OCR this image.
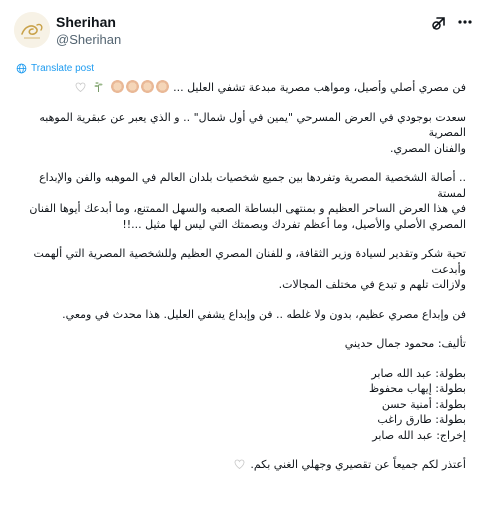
Sherihan
@Sherihan
Translate post
فن مصري أصلي وأصيل، ومواهب مصرية مبدعة تشفي العليل ...

سعدت بوجودي في العرض المسرحي "يمين في أول شمال" .. و الذي يعبر عن عبقرية الموهبه المصرية
والفنان المصري.
.. أصالة الشخصية المصرية وتفردها بين جميع شخصيات بلدان العالم في الموهبه والفن والإبداع لمستة
في هذا العرض الساحر العظيم و بمنتهى البساطة الصعبه والسهل الممتنع، وما أبدعك أيوها الفنان
المصري الأصلي والأصيل، وما أعظم تفردك وبصمتك التي ليس لها مثيل ...!!
تحية شكر وتقدير لسيادة وزير الثقافة، و للفنان المصري العظيم وللشخصية المصرية التي ألهمت وأبدعت
ولازالت تلهم و تبدع في مختلف المجالات.
فن وإبداع مصري عظيم، بدون ولا غلطه .. فن وإبداع يشفي العليل. هذا محدث في ومعي.
تأليف: محمود جمال حديني
بطولة: عبد الله صابر
بطولة: إيهاب محفوظ
بطولة: أمنية حسن
بطولة: طارق راغب
إخراج: عبد الله صابر
أعتذر لكم جميعاً عن تقصيري وجهلي الغني بكم.
